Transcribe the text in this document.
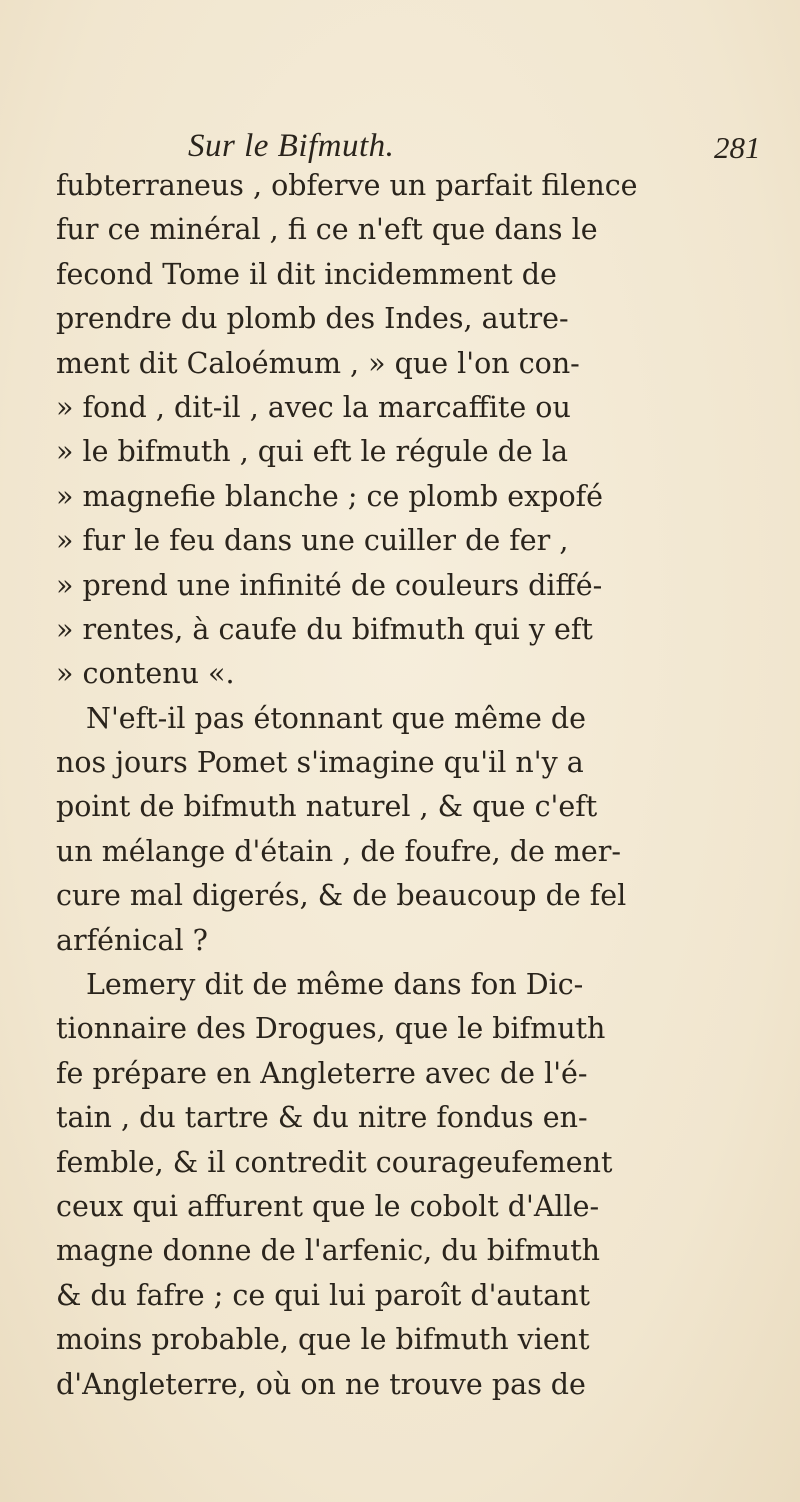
Sur le Bifmuth.	281
fubterraneus , obferve un parfait filence
fur ce minéral , fi ce n'eft que dans le
fecond Tome il dit incidemment de
prendre du plomb des Indes, autre-
ment dit Caloémum , » que l'on con-
» fond , dit-il , avec la marcaffite ou
» le bifmuth , qui eft le régule de la
» magnefie blanche ; ce plomb expofé
» fur le feu dans une cuiller de fer ,
» prend une infinité de couleurs diffé-
» rentes, à caufe du bifmuth qui y eft
» contenu «.
N'eft-il pas étonnant que même de
nos jours Pomet s'imagine qu'il n'y a
point de bifmuth naturel , & que c'eft
un mélange d'étain , de foufre, de mer-
cure mal digerés, & de beaucoup de fel
arfénical ?
Lemery dit de même dans fon Dic-
tionnaire des Drogues, que le bifmuth
fe prépare en Angleterre avec de l'é-
tain , du tartre & du nitre fondus en-
femble, & il contredit courageufement
ceux qui affurent que le cobolt d'Alle-
magne donne de l'arfenic, du bifmuth
& du fafre ; ce qui lui paroît d'autant
moins probable, que le bifmuth vient
d'Angleterre, où on ne trouve pas de
